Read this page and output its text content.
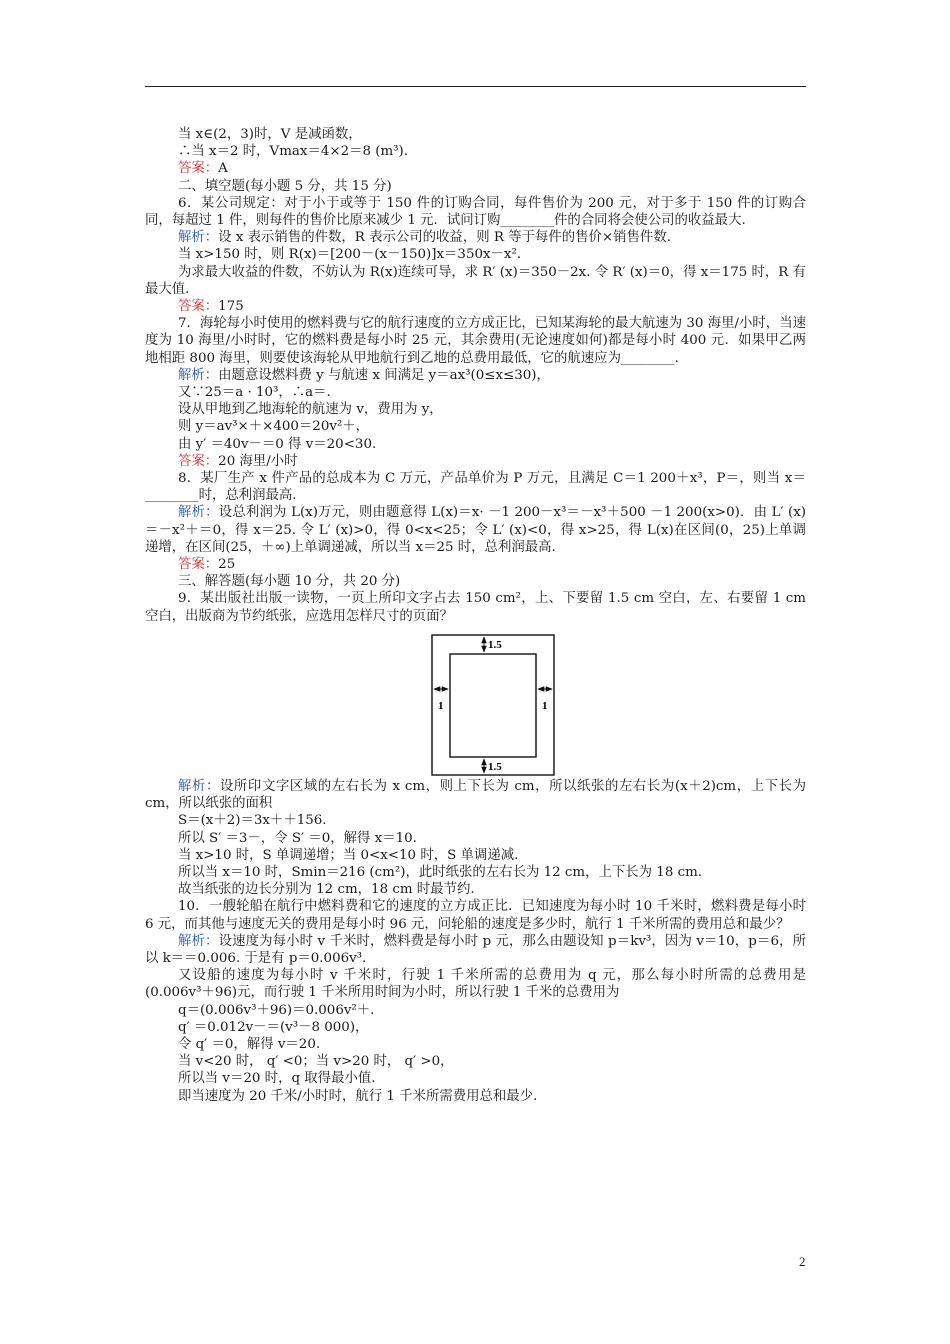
当 x∈(2，3)时，V 是减函数，
∴当 x＝2 时，Vmax＝4×2＝8 (m³).
答案：A
二、填空题(每小题 5 分，共 15 分)
6．某公司规定：对于小于或等于 150 件的订购合同，每件售价为 200 元，对于多于 150 件的订购合同，每超过 1 件，则每件的售价比原来减少 1 元．试问订购________件的合同将会使公司的收益最大.
解析：设 x 表示销售的件数，R 表示公司的收益，则 R 等于每件的售价×销售件数.
当 x>150 时，则 R(x)＝[200－(x－150)]x＝350x－x².
为求最大收益的件数，不妨认为 R(x)连续可导，求 R′ (x)＝350－2x. 令 R′ (x)＝0，得 x＝175 时，R 有最大值.
答案：175
7．海轮每小时使用的燃料费与它的航行速度的立方成正比，已知某海轮的最大航速为 30 海里/小时，当速度为 10 海里/小时时，它的燃料费是每小时 25 元，其余费用(无论速度如何)都是每小时 400 元．如果甲乙两地相距 800 海里，则要使该海轮从甲地航行到乙地的总费用最低，它的航速应为________.
解析：由题意设燃料费 y 与航速 x 间满足 y＝ax³(0≤x≤30)，
又∵25＝a · 10³，∴a＝.
设从甲地到乙地海轮的航速为 v，费用为 y，
则 y＝av³×＋×400＝20v²＋，
由 y′ ＝40v－＝0 得 v＝20<30.
答案：20 海里/小时
8．某厂生产 x 件产品的总成本为 C 万元，产品单价为 P 万元，且满足 C＝1 200＋x³，P＝，则当 x＝________时，总利润最高.
解析：设总利润为 L(x)万元，则由题意得 L(x)＝x· －1 200－x³＝－x³＋500 －1 200(x>0)．由 L′ (x)＝－x²＋＝0，得 x＝25. 令 L′ (x)>0，得 0<x<25；令 L′ (x)<0，得 x>25，得 L(x)在区间(0，25)上单调递增，在区间(25，＋∞)上单调递减，所以当 x＝25 时，总利润最高.
答案：25
三、解答题(每小题 10 分，共 20 分)
9．某出版社出版一读物，一页上所印文字占去 150 cm²，上、下要留 1.5 cm 空白，左、右要留 1 cm 空白，出版商为节约纸张，应选用怎样尺寸的页面？
1.5
1.5
1	1
解析：设所印文字区域的左右长为 x cm，则上下长为 cm，所以纸张的左右长为(x＋2)cm，上下长为cm，所以纸张的面积
S＝(x＋2)＝3x＋＋156.
所以 S′ ＝3－，令 S′ ＝0，解得 x＝10.
当 x>10 时，S 单调递增；当 0<x<10 时，S 单调递减.
所以当 x＝10 时，Smin＝216 (cm²)，此时纸张的左右长为 12 cm，上下长为 18 cm.
故当纸张的边长分别为 12 cm，18 cm 时最节约.
10．一艘轮船在航行中燃料费和它的速度的立方成正比．已知速度为每小时 10 千米时，燃料费是每小时 6 元，而其他与速度无关的费用是每小时 96 元，问轮船的速度是多少时，航行 1 千米所需的费用总和最少？
解析：设速度为每小时 v 千米时，燃料费是每小时 p 元，那么由题设知 p＝kv³，因为 v＝10，p＝6，所以 k＝＝0.006. 于是有 p＝0.006v³.
又设船的速度为每小时 v 千米时，行驶 1 千米所需的总费用为 q 元，那么每小时所需的总费用是(0.006v³＋96)元，而行驶 1 千米所用时间为小时，所以行驶 1 千米的总费用为
q＝(0.006v³＋96)＝0.006v²＋.
q′ ＝0.012v－＝(v³－8 000)，
令 q′ ＝0，解得 v＝20.
当 v<20 时， q′ <0；当 v>20 时， q′ >0，
所以当 v＝20 时，q 取得最小值.
即当速度为 20 千米/小时时，航行 1 千米所需费用总和最少.
2
